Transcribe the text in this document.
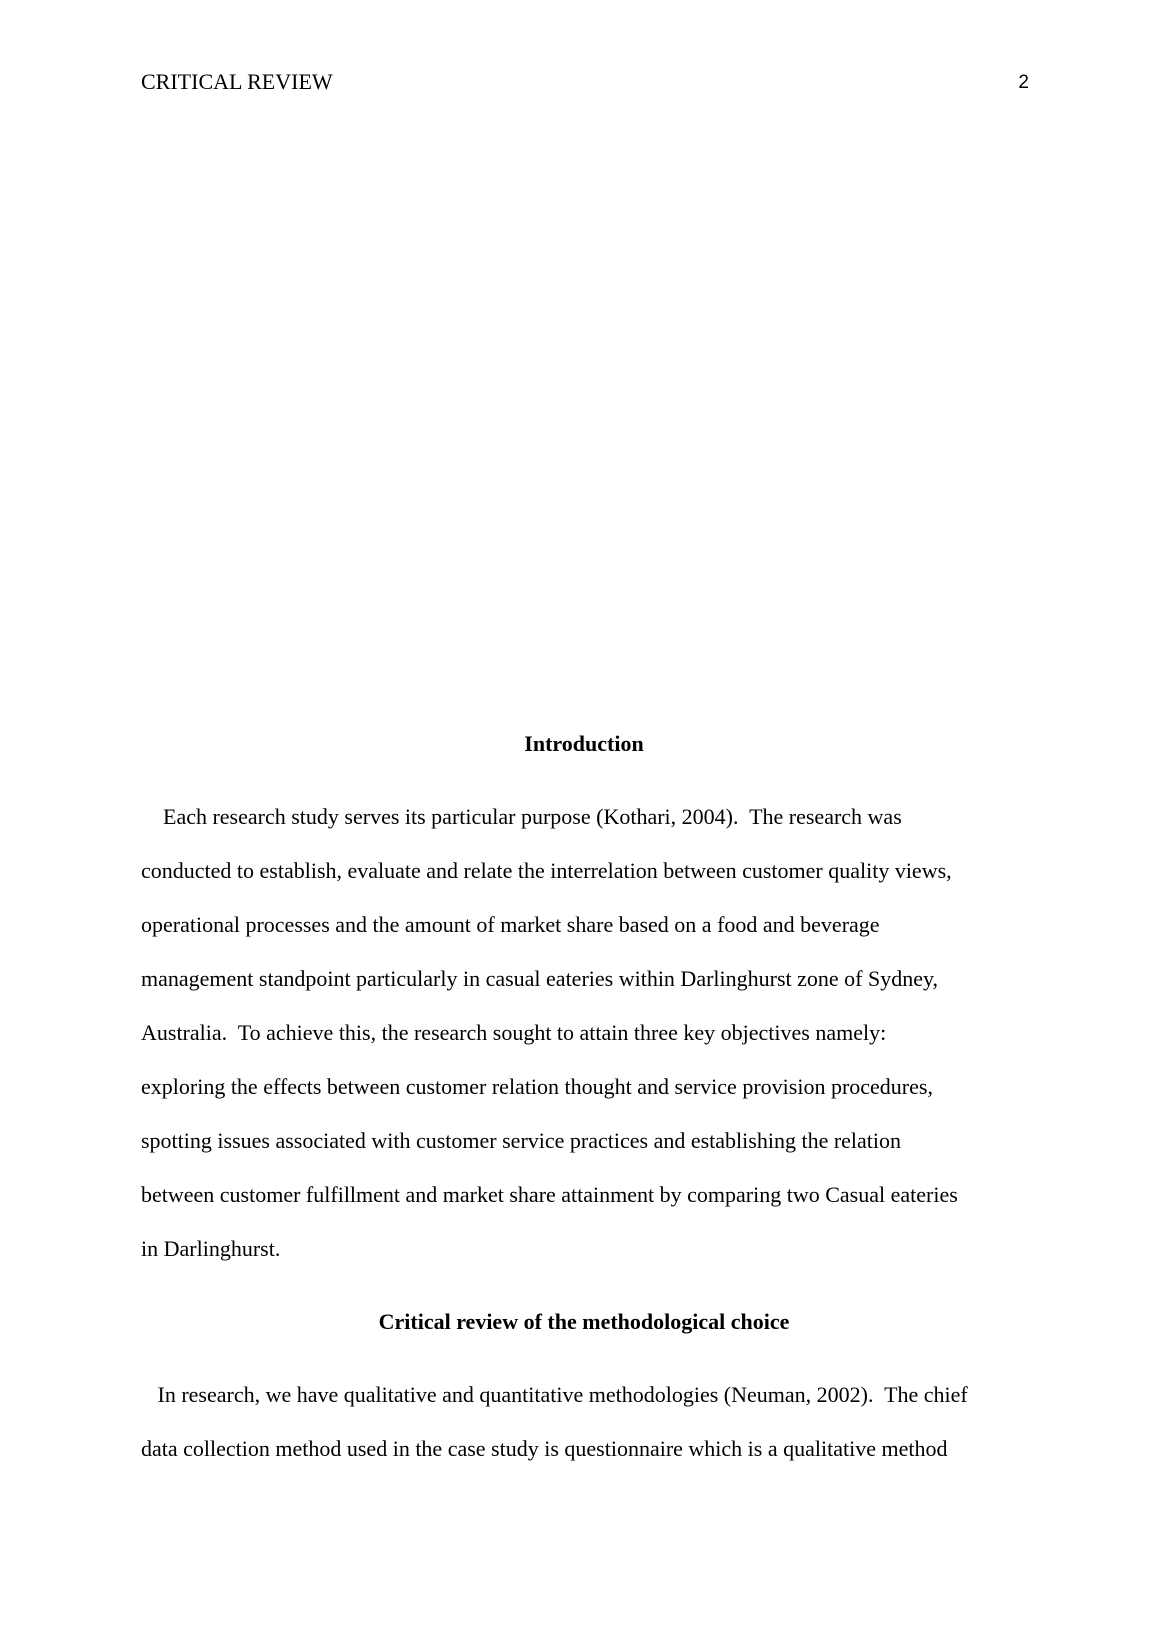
CRITICAL REVIEW	2
Introduction
Each research study serves its particular purpose (Kothari, 2004).  The research was
conducted to establish, evaluate and relate the interrelation between customer quality views,
operational processes and the amount of market share based on a food and beverage
management standpoint particularly in casual eateries within Darlinghurst zone of Sydney,
Australia.  To achieve this, the research sought to attain three key objectives namely:
exploring the effects between customer relation thought and service provision procedures,
spotting issues associated with customer service practices and establishing the relation
between customer fulfillment and market share attainment by comparing two Casual eateries
in Darlinghurst.
Critical review of the methodological choice
In research, we have qualitative and quantitative methodologies (Neuman, 2002).  The chief
data collection method used in the case study is questionnaire which is a qualitative method
